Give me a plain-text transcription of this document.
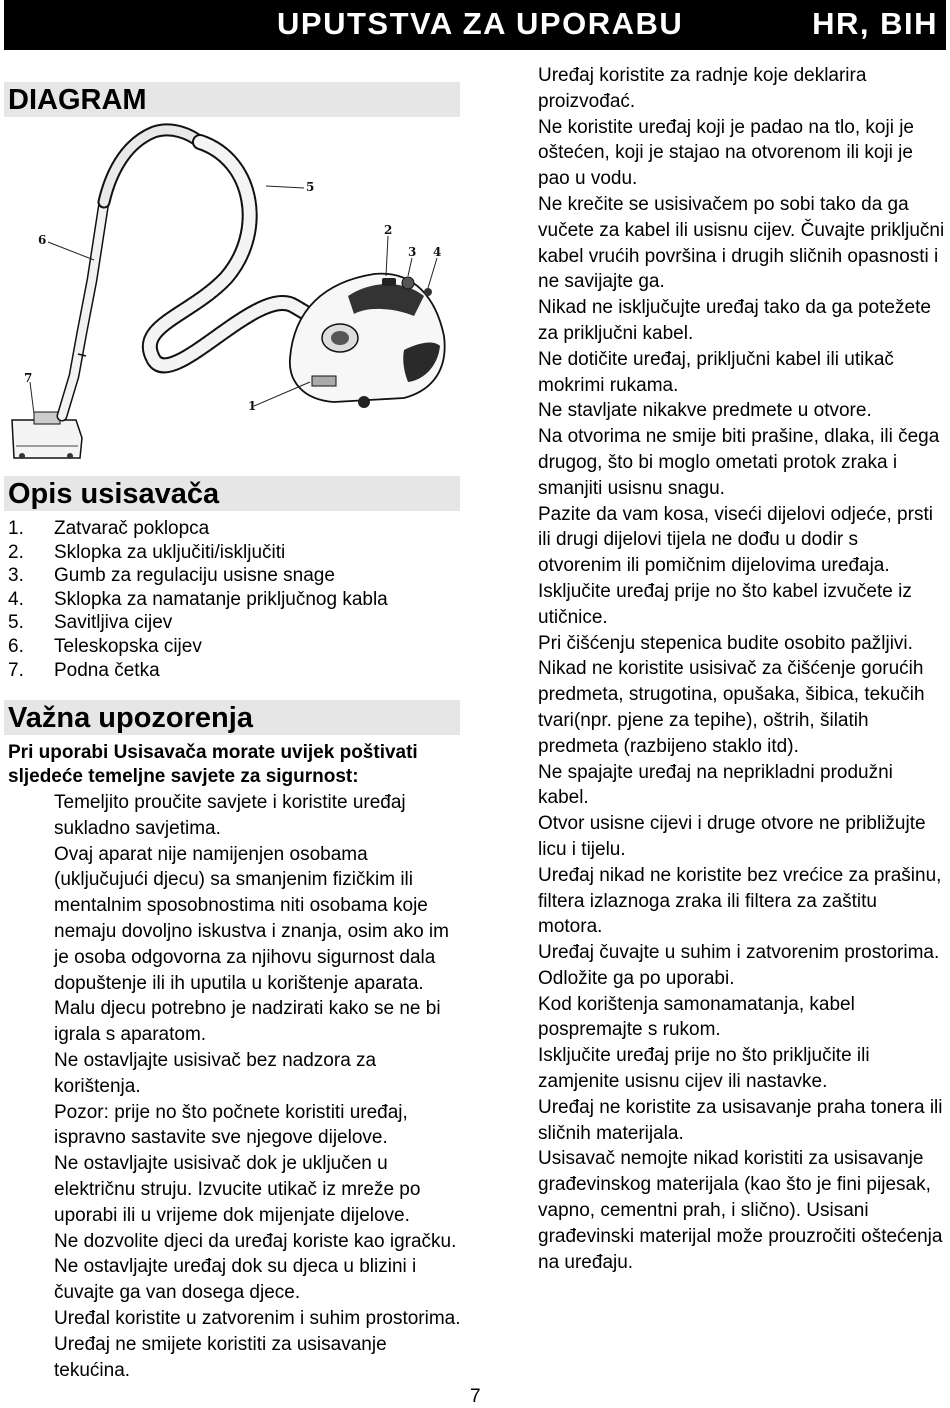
UPUTSTVA ZA UPORABU	HR, BIH
DIAGRAM
1
2
3 4
5
6
7
Opis usisavača
1.	Zatvarač poklopca
2.	Sklopka za uključiti/isključiti
3.	Gumb za regulaciju usisne snage
4.	Sklopka za namatanje priključnog kabla
5.	Savitljiva cijev
6.	Teleskopska cijev
7.	Podna četka
Važna upozorenja
Pri uporabi Usisavača morate uvijek poštivati sljedeće temeljne savjete za sigurnost:

Temeljito proučite savjete i koristite uređaj sukladno savjetima.

Ovaj aparat nije namijenjen osobama (uključujući djecu) sa smanjenim fizičkim ili mentalnim sposobnostima niti osobama koje nemaju dovoljno iskustva i znanja, osim ako im je osoba odgovorna za njihovu sigurnost dala dopuštenje ili ih uputila u korištenje aparata. Malu djecu potrebno je nadzirati kako se ne bi igrala s aparatom.

Ne ostavljajte usisivač bez nadzora za korištenja.

Pozor: prije no što počnete koristiti uređaj, ispravno sastavite sve njegove dijelove.

Ne ostavljajte usisivač dok je uključen u električnu struju. Izvucite utikač iz mreže po uporabi ili u vrijeme dok mijenjate dijelove.

Ne dozvolite djeci da uređaj koriste kao igračku. Ne ostavljajte uređaj dok su djeca u blizini i čuvajte ga van dosega djece.

Uređal koristite u zatvorenim i suhim prostorima. Uređaj ne smijete koristiti za usisavanje tekućina.

Uređaj koristite za radnje koje deklarira proizvođać.

Ne koristite uređaj koji je padao na tlo, koji je oštećen, koji je stajao na otvorenom ili koji je pao u vodu.

Ne krečite se usisivačem po sobi tako da ga vučete za kabel ili usisnu cijev. Čuvajte priključni kabel vrućih površina i drugih sličnih opasnosti i ne savijajte ga.

Nikad ne isključujte uređaj tako da ga potežete za priključni kabel.

Ne dotičite uređaj, priključni kabel ili utikač mokrimi rukama.

Ne stavljate nikakve predmete u otvore.

Na otvorima ne smije biti prašine, dlaka, ili čega drugog, što bi moglo ometati protok zraka i smanjiti usisnu snagu.

Pazite da vam kosa, viseći dijelovi odjeće, prsti ili drugi dijelovi tijela ne dođu u dodir s otvorenim ili pomičnim dijelovima uređaja.

Isključite uređaj prije no što kabel izvučete iz utičnice.

Pri čišćenju stepenica budite osobito pažljivi.

Nikad ne koristite usisivač za čišćenje gorućih predmeta, strugotina, opušaka, šibica, tekučih tvari(npr. pjene za tepihe), oštrih, šilatih predmeta (razbijeno staklo itd).

Ne spajajte uređaj na neprikladni produžni kabel.

Otvor usisne cijevi i druge otvore ne približujte licu i tijelu.

Uređaj nikad ne koristite bez vrećice za prašinu, filtera izlaznoga zraka ili filtera za zaštitu motora.

Uređaj čuvajte u suhim i zatvorenim prostorima. Odložite ga po uporabi.

Kod korištenja samonamatanja, kabel pospremajte s rukom.

Isključite uređaj prije no što priključite ili zamjenite usisnu cijev ili nastavke.

Uređaj ne koristite za usisavanje praha tonera ili sličnih materijala.

Usisavač nemojte nikad koristiti za usisavanje građevinskog materijala (kao što je fini pijesak, vapno, cementni prah, i slično). Usisani građevinski materijal može prouzročiti oštećenja na uređaju.

7
